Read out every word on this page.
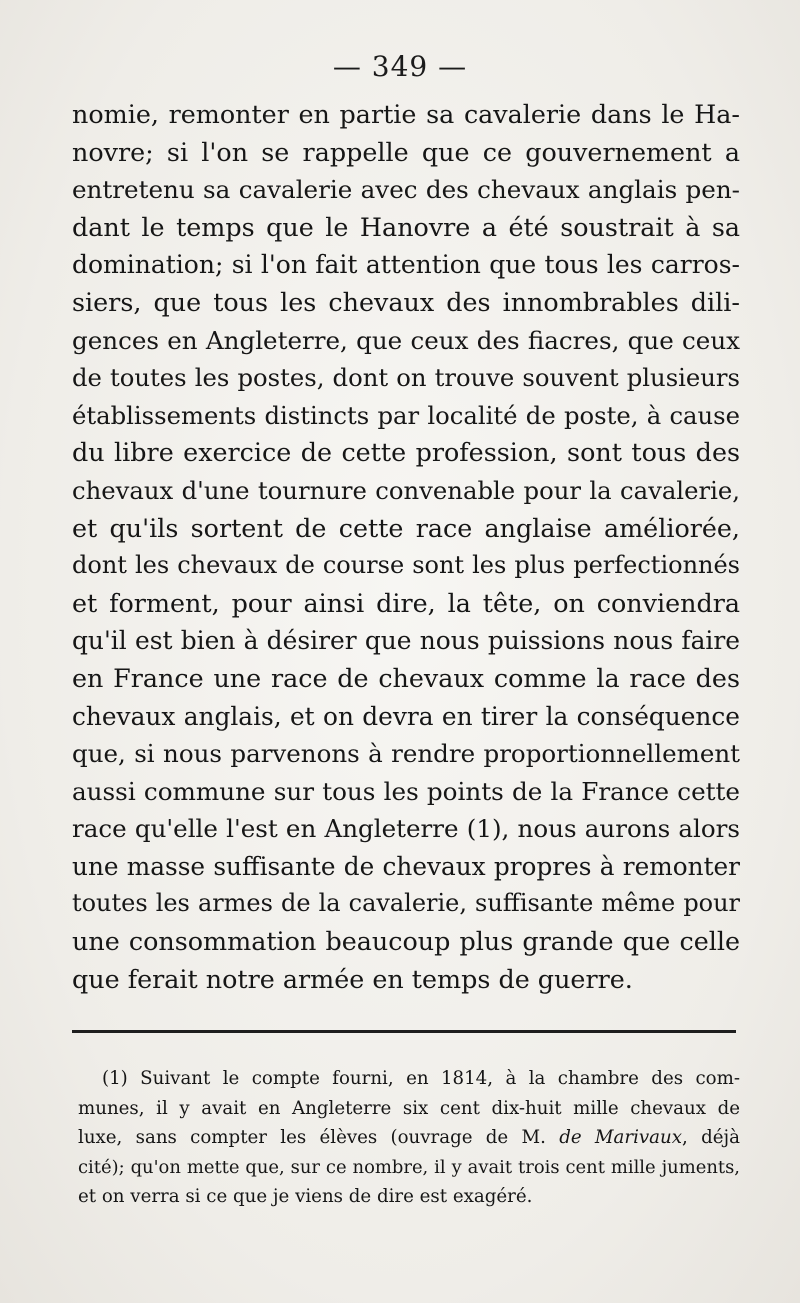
— 349 —
nomie, remonter en partie sa cavalerie dans le Ha-
novre; si l'on se rappelle que ce gouvernement a
entretenu sa cavalerie avec des chevaux anglais pen-
dant le temps que le Hanovre a été soustrait à sa
domination; si l'on fait attention que tous les carros-
siers, que tous les chevaux des innombrables dili-
gences en Angleterre, que ceux des fiacres, que ceux
de toutes les postes, dont on trouve souvent plusieurs
établissements distincts par localité de poste, à cause
du libre exercice de cette profession, sont tous des
chevaux d'une tournure convenable pour la cavalerie,
et qu'ils sortent de cette race anglaise améliorée,
dont les chevaux de course sont les plus perfectionnés
et forment, pour ainsi dire, la tête, on conviendra
qu'il est bien à désirer que nous puissions nous faire
en France une race de chevaux comme la race des
chevaux anglais, et on devra en tirer la conséquence
que, si nous parvenons à rendre proportionnellement
aussi commune sur tous les points de la France cette
race qu'elle l'est en Angleterre (1), nous aurons alors
une masse suffisante de chevaux propres à remonter
toutes les armes de la cavalerie, suffisante même pour
une consommation beaucoup plus grande que celle
que ferait notre armée en temps de guerre.
(1) Suivant le compte fourni, en 1814, à la chambre des com-
munes, il y avait en Angleterre six cent dix-huit mille chevaux de
luxe, sans compter les élèves (ouvrage de M. de Marivaux, déjà
cité); qu'on mette que, sur ce nombre, il y avait trois cent mille juments,
et on verra si ce que je viens de dire est exagéré.
